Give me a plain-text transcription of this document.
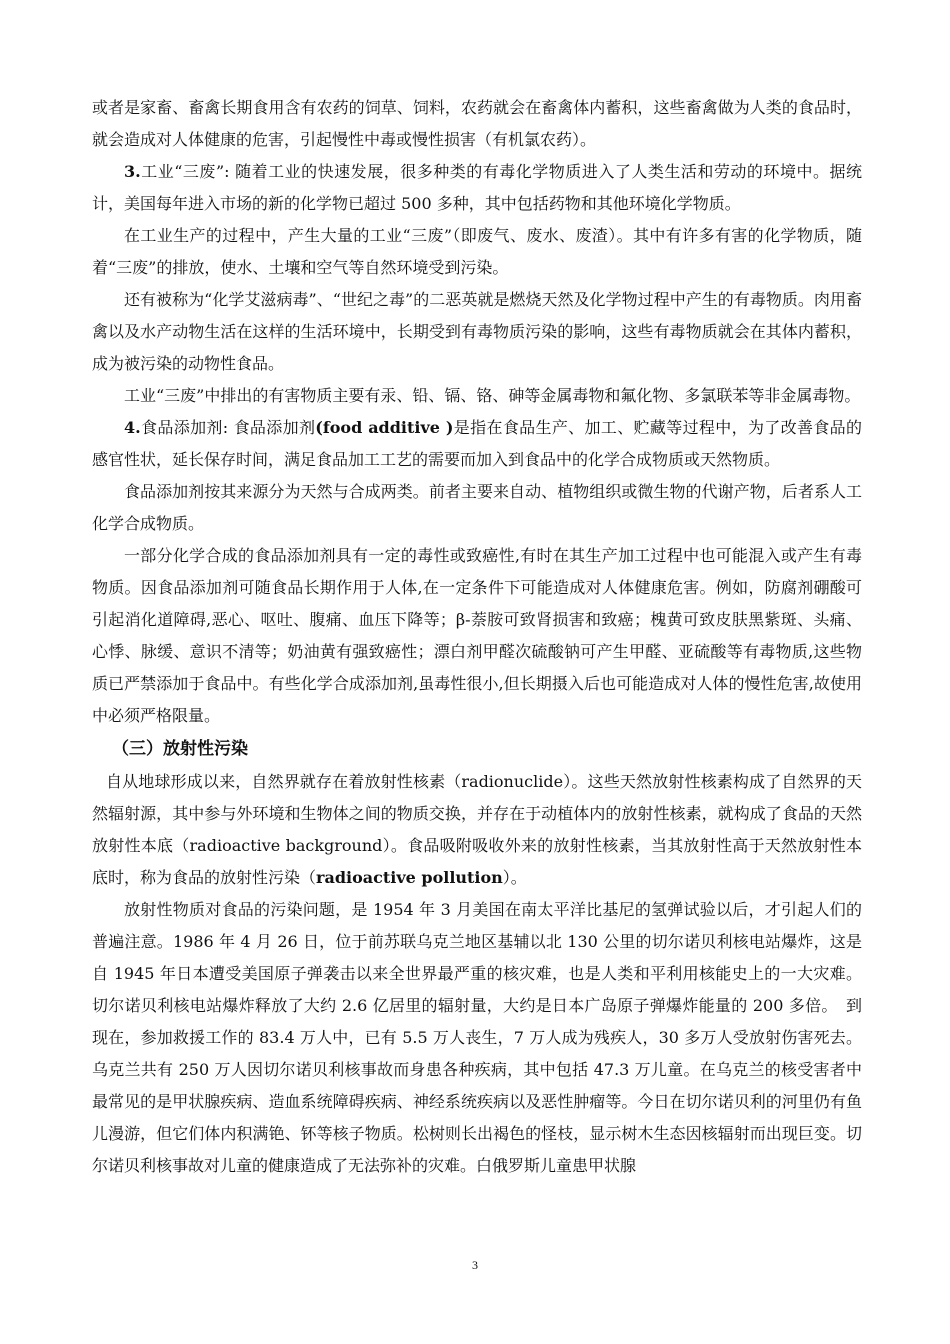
或者是家畜、畜禽长期食用含有农药的饲草、饲料，农药就会在畜禽体内蓄积，这些畜禽做为人类的食品时，就会造成对人体健康的危害，引起慢性中毒或慢性损害（有机氯农药）。

3.工业“三废”: 随着工业的快速发展，很多种类的有毒化学物质进入了人类生活和劳动的环境中。据统计，美国每年进入市场的新的化学物已超过 500 多种，其中包括药物和其他环境化学物质。

在工业生产的过程中，产生大量的工业“三废”（即废气、废水、废渣）。其中有许多有害的化学物质，随着“三废”的排放，使水、土壤和空气等自然环境受到污染。

还有被称为“化学艾滋病毒”、“世纪之毒”的二恶英就是燃烧天然及化学物过程中产生的有毒物质。肉用畜禽以及水产动物生活在这样的生活环境中，长期受到有毒物质污染的影响，这些有毒物质就会在其体内蓄积，成为被污染的动物性食品。

工业“三废”中排出的有害物质主要有汞、铅、镉、铬、砷等金属毒物和氟化物、多氯联苯等非金属毒物。

4.食品添加剂: 食品添加剂(food additive )是指在食品生产、加工、贮藏等过程中，为了改善食品的感官性状，延长保存时间，满足食品加工工艺的需要而加入到食品中的化学合成物质或天然物质。

食品添加剂按其来源分为天然与合成两类。前者主要来自动、植物组织或微生物的代谢产物，后者系人工化学合成物质。

一部分化学合成的食品添加剂具有一定的毒性或致癌性,有时在其生产加工过程中也可能混入或产生有毒物质。因食品添加剂可随食品长期作用于人体,在一定条件下可能造成对人体健康危害。例如，防腐剂硼酸可引起消化道障碍,恶心、呕吐、腹痛、血压下降等；β-萘胺可致肾损害和致癌；槐黄可致皮肤黑紫斑、头痛、心悸、脉缓、意识不清等；奶油黄有强致癌性；漂白剂甲醛次硫酸钠可产生甲醛、亚硫酸等有毒物质,这些物质已严禁添加于食品中。有些化学合成添加剂,虽毒性很小,但长期摄入后也可能造成对人体的慢性危害,故使用中必须严格限量。

（三）放射性污染

自从地球形成以来，自然界就存在着放射性核素（radionuclide）。这些天然放射性核素构成了自然界的天然辐射源，其中参与外环境和生物体之间的物质交换，并存在于动植体内的放射性核素，就构成了食品的天然放射性本底（radioactive background）。食品吸附吸收外来的放射性核素，当其放射性高于天然放射性本底时，称为食品的放射性污染（radioactive pollution）。

放射性物质对食品的污染问题，是 1954 年 3 月美国在南太平洋比基尼的氢弹试验以后，才引起人们的普遍注意。1986 年 4 月 26 日，位于前苏联乌克兰地区基辅以北 130 公里的切尔诺贝利核电站爆炸，这是自 1945 年日本遭受美国原子弹袭击以来全世界最严重的核灾难，也是人类和平利用核能史上的一大灾难。切尔诺贝利核电站爆炸释放了大约 2.6 亿居里的辐射量，大约是日本广岛原子弹爆炸能量的 200 多倍。　到现在，参加救援工作的 83.4 万人中，已有 5.5 万人丧生，7 万人成为残疾人，30 多万人受放射伤害死去。乌克兰共有 250 万人因切尔诺贝利核事故而身患各种疾病，其中包括 47.3 万儿童。在乌克兰的核受害者中最常见的是甲状腺疾病、造血系统障碍疾病、神经系统疾病以及恶性肿瘤等。今日在切尔诺贝利的河里仍有鱼儿漫游，但它们体内积满铯、钚等核子物质。松树则长出褐色的怪枝，显示树木生态因核辐射而出现巨变。切尔诺贝利核事故对儿童的健康造成了无法弥补的灾难。白俄罗斯儿童患甲状腺

3
